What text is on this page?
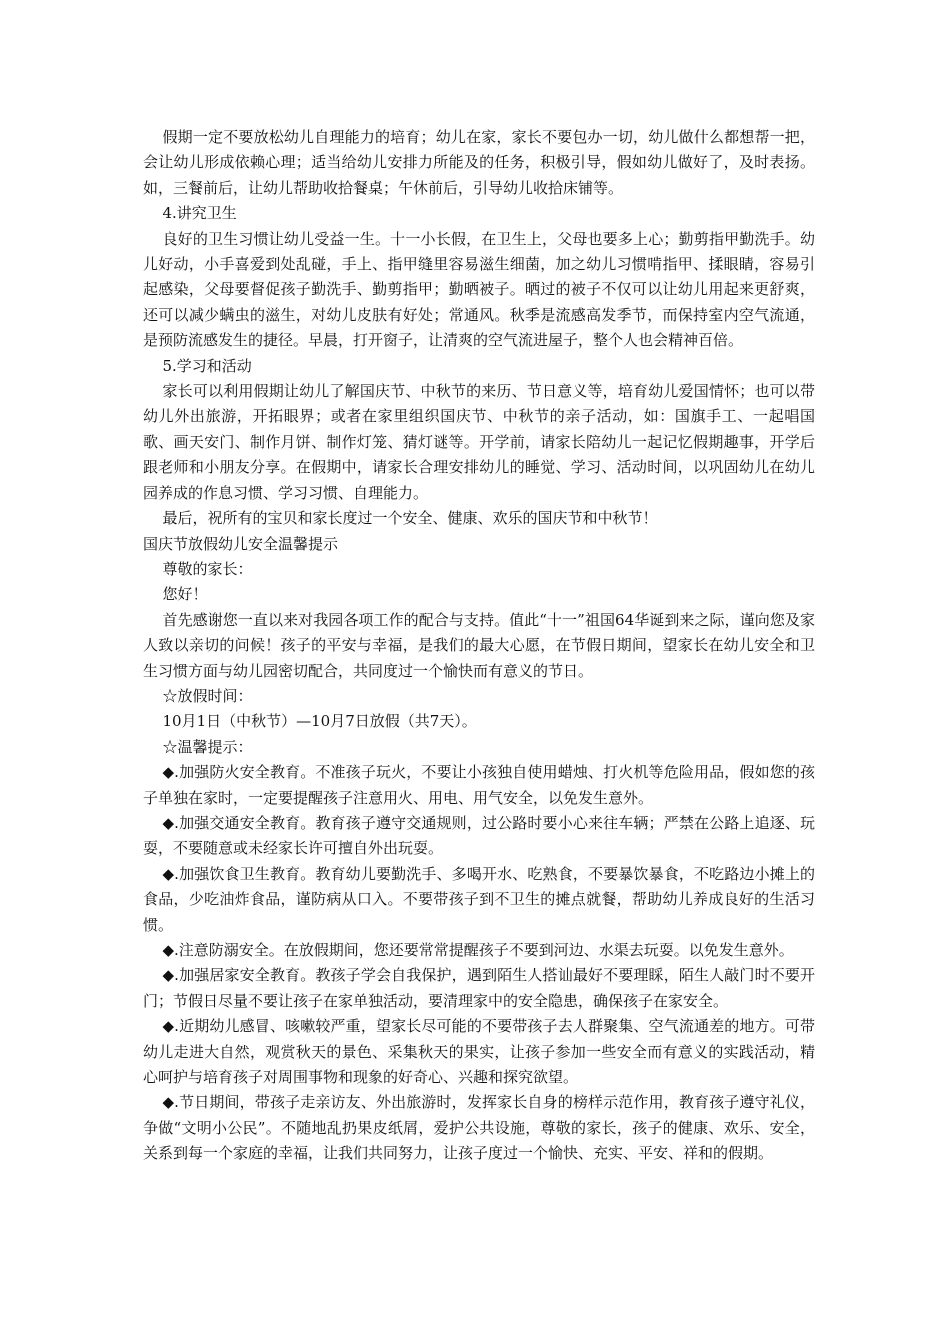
假期一定不要放松幼儿自理能力的培育；幼儿在家，家长不要包办一切，幼儿做什么都想帮一把，会让幼儿形成依赖心理；适当给幼儿安排力所能及的任务，积极引导，假如幼儿做好了，及时表扬。如，三餐前后，让幼儿帮助收拾餐桌；午休前后，引导幼儿收拾床铺等。

4.讲究卫生

良好的卫生习惯让幼儿受益一生。十一小长假，在卫生上，父母也要多上心；勤剪指甲勤洗手。幼儿好动，小手喜爱到处乱碰，手上、指甲缝里容易滋生细菌，加之幼儿习惯啃指甲、揉眼睛，容易引起感染，父母要督促孩子勤洗手、勤剪指甲；勤晒被子。晒过的被子不仅可以让幼儿用起来更舒爽，还可以减少螨虫的滋生，对幼儿皮肤有好处；常通风。秋季是流感高发季节，而保持室内空气流通，是预防流感发生的捷径。早晨，打开窗子，让清爽的空气流进屋子，整个人也会精神百倍。

5.学习和活动

家长可以利用假期让幼儿了解国庆节、中秋节的来历、节日意义等，培育幼儿爱国情怀；也可以带幼儿外出旅游，开拓眼界；或者在家里组织国庆节、中秋节的亲子活动，如：国旗手工、一起唱国歌、画天安门、制作月饼、制作灯笼、猜灯谜等。开学前，请家长陪幼儿一起记忆假期趣事，开学后跟老师和小朋友分享。在假期中，请家长合理安排幼儿的睡觉、学习、活动时间，以巩固幼儿在幼儿园养成的作息习惯、学习习惯、自理能力。

最后，祝所有的宝贝和家长度过一个安全、健康、欢乐的国庆节和中秋节！

国庆节放假幼儿安全温馨提示

尊敬的家长：

您好！

首先感谢您一直以来对我园各项工作的配合与支持。值此“十一”祖国64华诞到来之际，谨向您及家人致以亲切的问候！孩子的平安与幸福，是我们的最大心愿，在节假日期间，望家长在幼儿安全和卫生习惯方面与幼儿园密切配合，共同度过一个愉快而有意义的节日。

☆放假时间：

10月1日（中秋节）—10月7日放假（共7天）。

☆温馨提示：

◆.加强防火安全教育。不准孩子玩火，不要让小孩独自使用蜡烛、打火机等危险用品，假如您的孩子单独在家时，一定要提醒孩子注意用火、用电、用气安全，以免发生意外。

◆.加强交通安全教育。教育孩子遵守交通规则，过公路时要小心来往车辆；严禁在公路上追逐、玩耍，不要随意或未经家长许可擅自外出玩耍。

◆.加强饮食卫生教育。教育幼儿要勤洗手、多喝开水、吃熟食，不要暴饮暴食，不吃路边小摊上的食品，少吃油炸食品，谨防病从口入。不要带孩子到不卫生的摊点就餐，帮助幼儿养成良好的生活习惯。

◆.注意防溺安全。在放假期间，您还要常常提醒孩子不要到河边、水渠去玩耍。以免发生意外。

◆.加强居家安全教育。教孩子学会自我保护，遇到陌生人搭讪最好不要理睬，陌生人敲门时不要开门；节假日尽量不要让孩子在家单独活动，要清理家中的安全隐患，确保孩子在家安全。

◆.近期幼儿感冒、咳嗽较严重，望家长尽可能的不要带孩子去人群聚集、空气流通差的地方。可带幼儿走进大自然，观赏秋天的景色、采集秋天的果实，让孩子参加一些安全而有意义的实践活动，精心呵护与培育孩子对周围事物和现象的好奇心、兴趣和探究欲望。

◆.节日期间，带孩子走亲访友、外出旅游时，发挥家长自身的榜样示范作用，教育孩子遵守礼仪，争做“文明小公民”。不随地乱扔果皮纸屑，爱护公共设施，尊敬的家长，孩子的健康、欢乐、安全，关系到每一个家庭的幸福，让我们共同努力，让孩子度过一个愉快、充实、平安、祥和的假期。
